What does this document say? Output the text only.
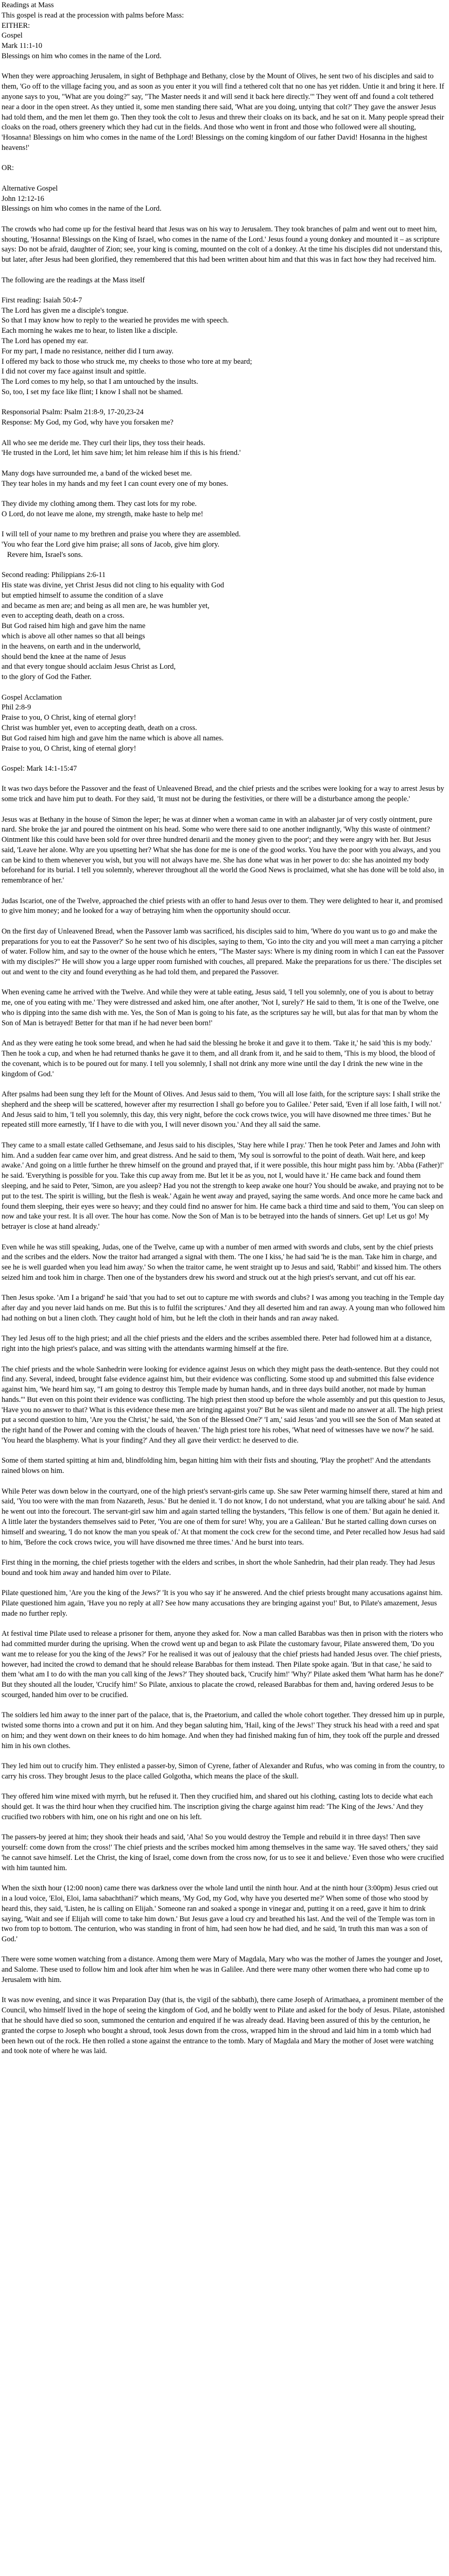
Readings at Mass
This gospel is read at the procession with palms before Mass:
EITHER:
Gospel
Mark 11:1-10
Blessings on him who comes in the name of the Lord.
When they were approaching Jerusalem, in sight of Bethphage and Bethany, close by the Mount of Olives, he sent two of his disciples and said to them, 'Go off to the village facing you, and as soon as you enter it you will find a tethered colt that no one has yet ridden. Untie it and bring it here. If anyone says to you, "What are you doing?" say, "The Master needs it and will send it back here directly."' They went off and found a colt tethered near a door in the open street. As they untied it, some men standing there said, 'What are you doing, untying that colt?' They gave the answer Jesus had told them, and the men let them go. Then they took the colt to Jesus and threw their cloaks on its back, and he sat on it. Many people spread their cloaks on the road, others greenery which they had cut in the fields. And those who went in front and those who followed were all shouting, 'Hosanna! Blessings on him who comes in the name of the Lord! Blessings on the coming kingdom of our father David! Hosanna in the highest heavens!'
OR:
Alternative Gospel
John 12:12-16
Blessings on him who comes in the name of the Lord.
The crowds who had come up for the festival heard that Jesus was on his way to Jerusalem. They took branches of palm and went out to meet him, shouting, 'Hosanna! Blessings on the King of Israel, who comes in the name of the Lord.' Jesus found a young donkey and mounted it – as scripture says: Do not be afraid, daughter of Zion; see, your king is coming, mounted on the colt of a donkey. At the time his disciples did not understand this, but later, after Jesus had been glorified, they remembered that this had been written about him and that this was in fact how they had received him.
The following are the readings at the Mass itself
First reading: Isaiah 50:4-7
The Lord has given me a disciple's tongue.
So that I may know how to reply to the wearied he provides me with speech.
Each morning he wakes me to hear, to listen like a disciple.
The Lord has opened my ear.
For my part, I made no resistance, neither did I turn away.
I offered my back to those who struck me, my cheeks to those who tore at my beard;
I did not cover my face against insult and spittle.
The Lord comes to my help, so that I am untouched by the insults.
So, too, I set my face like flint; I know I shall not be shamed.
Responsorial Psalm: Psalm 21:8-9, 17-20,23-24
Response: My God, my God, why have you forsaken me?
All who see me deride me. They curl their lips, they toss their heads.
'He trusted in the Lord, let him save him; let him release him if this is his friend.'
Many dogs have surrounded me, a band of the wicked beset me.
They tear holes in my hands and my feet I can count every one of my bones.
They divide my clothing among them. They cast lots for my robe.
O Lord, do not leave me alone, my strength, make haste to help me!
I will tell of your name to my brethren and praise you where they are assembled.
'You who fear the Lord give him praise; all sons of Jacob, give him glory.
Revere him, Israel's sons.
Second reading: Philippians 2:6-11
His state was divine, yet Christ Jesus did not cling to his equality with God
but emptied himself to assume the condition of a slave
and became as men are; and being as all men are, he was humbler yet,
even to accepting death, death on a cross.
But God raised him high and gave him the name
which is above all other names so that all beings
in the heavens, on earth and in the underworld,
should bend the knee at the name of Jesus
and that every tongue should acclaim Jesus Christ as Lord,
to the glory of God the Father.
Gospel Acclamation
Phil 2:8-9
Praise to you, O Christ, king of eternal glory!
Christ was humbler yet, even to accepting death, death on a cross.
But God raised him high and gave him the name which is above all names.
Praise to you, O Christ, king of eternal glory!
Gospel: Mark 14:1-15:47
It was two days before the Passover and the feast of Unleavened Bread, and the chief priests and the scribes were looking for a way to arrest Jesus by some trick and have him put to death. For they said, 'It must not be during the festivities, or there will be a disturbance among the people.'
Jesus was at Bethany in the house of Simon the leper; he was at dinner when a woman came in with an alabaster jar of very costly ointment, pure nard. She broke the jar and poured the ointment on his head. Some who were there said to one another indignantly, 'Why this waste of ointment? Ointment like this could have been sold for over three hundred denarii and the money given to the poor'; and they were angry with her. But Jesus said, 'Leave her alone. Why are you upsetting her? What she has done for me is one of the good works. You have the poor with you always, and you can be kind to them whenever you wish, but you will not always have me. She has done what was in her power to do: she has anointed my body beforehand for its burial. I tell you solemnly, wherever throughout all the world the Good News is proclaimed, what she has done will be told also, in remembrance of her.'
Judas Iscariot, one of the Twelve, approached the chief priests with an offer to hand Jesus over to them. They were delighted to hear it, and promised to give him money; and he looked for a way of betraying him when the opportunity should occur.
On the first day of Unleavened Bread, when the Passover lamb was sacrificed, his disciples said to him, 'Where do you want us to go and make the preparations for you to eat the Passover?' So he sent two of his disciples, saying to them, 'Go into the city and you will meet a man carrying a pitcher of water. Follow him, and say to the owner of the house which he enters, "The Master says: Where is my dining room in which I can eat the Passover with my disciples?" He will show you a large upper room furnished with couches, all prepared. Make the preparations for us there.' The disciples set out and went to the city and found everything as he had told them, and prepared the Passover.
When evening came he arrived with the Twelve. And while they were at table eating, Jesus said, 'I tell you solemnly, one of you is about to betray me, one of you eating with me.' They were distressed and asked him, one after another, 'Not I, surely?' He said to them, 'It is one of the Twelve, one who is dipping into the same dish with me. Yes, the Son of Man is going to his fate, as the scriptures say he will, but alas for that man by whom the Son of Man is betrayed! Better for that man if he had never been born!'
And as they were eating he took some bread, and when he had said the blessing he broke it and gave it to them. 'Take it,' he said 'this is my body.' Then he took a cup, and when he had returned thanks he gave it to them, and all drank from it, and he said to them, 'This is my blood, the blood of the covenant, which is to be poured out for many. I tell you solemnly, I shall not drink any more wine until the day I drink the new wine in the kingdom of God.'
After psalms had been sung they left for the Mount of Olives. And Jesus said to them, 'You will all lose faith, for the scripture says: I shall strike the shepherd and the sheep will be scattered, however after my resurrection I shall go before you to Galilee.' Peter said, 'Even if all lose faith, I will not.' And Jesus said to him, 'I tell you solemnly, this day, this very night, before the cock crows twice, you will have disowned me three times.' But he repeated still more earnestly, 'If I have to die with you, I will never disown you.' And they all said the same.
They came to a small estate called Gethsemane, and Jesus said to his disciples, 'Stay here while I pray.' Then he took Peter and James and John with him. And a sudden fear came over him, and great distress. And he said to them, 'My soul is sorrowful to the point of death. Wait here, and keep awake.' And going on a little further he threw himself on the ground and prayed that, if it were possible, this hour might pass him by. 'Abba (Father)!' he said. 'Everything is possible for you. Take this cup away from me. But let it be as you, not I, would have it.' He came back and found them sleeping, and he said to Peter, 'Simon, are you asleep? Had you not the strength to keep awake one hour? You should be awake, and praying not to be put to the test. The spirit is willing, but the flesh is weak.' Again he went away and prayed, saying the same words. And once more he came back and found them sleeping, their eyes were so heavy; and they could find no answer for him. He came back a third time and said to them, 'You can sleep on now and take your rest. It is all over. The hour has come. Now the Son of Man is to be betrayed into the hands of sinners. Get up! Let us go! My betrayer is close at hand already.'
Even while he was still speaking, Judas, one of the Twelve, came up with a number of men armed with swords and clubs, sent by the chief priests and the scribes and the elders. Now the traitor had arranged a signal with them. 'The one I kiss,' he had said 'he is the man. Take him in charge, and see he is well guarded when you lead him away.' So when the traitor came, he went straight up to Jesus and said, 'Rabbi!' and kissed him. The others seized him and took him in charge. Then one of the bystanders drew his sword and struck out at the high priest's servant, and cut off his ear.
Then Jesus spoke. 'Am I a brigand' he said 'that you had to set out to capture me with swords and clubs? I was among you teaching in the Temple day after day and you never laid hands on me. But this is to fulfil the scriptures.' And they all deserted him and ran away. A young man who followed him had nothing on but a linen cloth. They caught hold of him, but he left the cloth in their hands and ran away naked.
They led Jesus off to the high priest; and all the chief priests and the elders and the scribes assembled there. Peter had followed him at a distance, right into the high priest's palace, and was sitting with the attendants warming himself at the fire.
The chief priests and the whole Sanhedrin were looking for evidence against Jesus on which they might pass the death-sentence. But they could not find any. Several, indeed, brought false evidence against him, but their evidence was conflicting. Some stood up and submitted this false evidence against him, 'We heard him say, "I am going to destroy this Temple made by human hands, and in three days build another, not made by human hands."' But even on this point their evidence was conflicting. The high priest then stood up before the whole assembly and put this question to Jesus, 'Have you no answer to that? What is this evidence these men are bringing against you?' But he was silent and made no answer at all. The high priest put a second question to him, 'Are you the Christ,' he said, 'the Son of the Blessed One?' 'I am,' said Jesus 'and you will see the Son of Man seated at the right hand of the Power and coming with the clouds of heaven.' The high priest tore his robes, 'What need of witnesses have we now?' he said. 'You heard the blasphemy. What is your finding?' And they all gave their verdict: he deserved to die.
Some of them started spitting at him and, blindfolding him, began hitting him with their fists and shouting, 'Play the prophet!' And the attendants rained blows on him.
While Peter was down below in the courtyard, one of the high priest's servant-girls came up. She saw Peter warming himself there, stared at him and said, 'You too were with the man from Nazareth, Jesus.' But he denied it. 'I do not know, I do not understand, what you are talking about' he said. And he went out into the forecourt. The servant-girl saw him and again started telling the bystanders, 'This fellow is one of them.' But again he denied it. A little later the bystanders themselves said to Peter, 'You are one of them for sure! Why, you are a Galilean.' But he started calling down curses on himself and swearing, 'I do not know the man you speak of.' At that moment the cock crew for the second time, and Peter recalled how Jesus had said to him, 'Before the cock crows twice, you will have disowned me three times.' And he burst into tears.
First thing in the morning, the chief priests together with the elders and scribes, in short the whole Sanhedrin, had their plan ready. They had Jesus bound and took him away and handed him over to Pilate.
Pilate questioned him, 'Are you the king of the Jews?' 'It is you who say it' he answered. And the chief priests brought many accusations against him. Pilate questioned him again, 'Have you no reply at all? See how many accusations they are bringing against you!' But, to Pilate's amazement, Jesus made no further reply.
At festival time Pilate used to release a prisoner for them, anyone they asked for. Now a man called Barabbas was then in prison with the rioters who had committed murder during the uprising. When the crowd went up and began to ask Pilate the customary favour, Pilate answered them, 'Do you want me to release for you the king of the Jews?' For he realised it was out of jealousy that the chief priests had handed Jesus over. The chief priests, however, had incited the crowd to demand that he should release Barabbas for them instead. Then Pilate spoke again. 'But in that case,' he said to them 'what am I to do with the man you call king of the Jews?' They shouted back, 'Crucify him!' 'Why?' Pilate asked them 'What harm has he done?' But they shouted all the louder, 'Crucify him!' So Pilate, anxious to placate the crowd, released Barabbas for them and, having ordered Jesus to be scourged, handed him over to be crucified.
The soldiers led him away to the inner part of the palace, that is, the Praetorium, and called the whole cohort together. They dressed him up in purple, twisted some thorns into a crown and put it on him. And they began saluting him, 'Hail, king of the Jews!' They struck his head with a reed and spat on him; and they went down on their knees to do him homage. And when they had finished making fun of him, they took off the purple and dressed him in his own clothes.
They led him out to crucify him. They enlisted a passer-by, Simon of Cyrene, father of Alexander and Rufus, who was coming in from the country, to carry his cross. They brought Jesus to the place called Golgotha, which means the place of the skull.
They offered him wine mixed with myrrh, but he refused it. Then they crucified him, and shared out his clothing, casting lots to decide what each should get. It was the third hour when they crucified him. The inscription giving the charge against him read: 'The King of the Jews.' And they crucified two robbers with him, one on his right and one on his left.
The passers-by jeered at him; they shook their heads and said, 'Aha! So you would destroy the Temple and rebuild it in three days! Then save yourself: come down from the cross!' The chief priests and the scribes mocked him among themselves in the same way. 'He saved others,' they said 'he cannot save himself. Let the Christ, the king of Israel, come down from the cross now, for us to see it and believe.' Even those who were crucified with him taunted him.
When the sixth hour (12:00 noon) came there was darkness over the whole land until the ninth hour. And at the ninth hour (3:00pm) Jesus cried out in a loud voice, 'Eloi, Eloi, lama sabachthani?' which means, 'My God, my God, why have you deserted me?' When some of those who stood by heard this, they said, 'Listen, he is calling on Elijah.' Someone ran and soaked a sponge in vinegar and, putting it on a reed, gave it him to drink saying, 'Wait and see if Elijah will come to take him down.' But Jesus gave a loud cry and breathed his last. And the veil of the Temple was torn in two from top to bottom. The centurion, who was standing in front of him, had seen how he had died, and he said, 'In truth this man was a son of God.'
There were some women watching from a distance. Among them were Mary of Magdala, Mary who was the mother of James the younger and Joset, and Salome. These used to follow him and look after him when he was in Galilee. And there were many other women there who had come up to Jerusalem with him.
It was now evening, and since it was Preparation Day (that is, the vigil of the sabbath), there came Joseph of Arimathaea, a prominent member of the Council, who himself lived in the hope of seeing the kingdom of God, and he boldly went to Pilate and asked for the body of Jesus. Pilate, astonished that he should have died so soon, summoned the centurion and enquired if he was already dead. Having been assured of this by the centurion, he granted the corpse to Joseph who bought a shroud, took Jesus down from the cross, wrapped him in the shroud and laid him in a tomb which had been hewn out of the rock. He then rolled a stone against the entrance to the tomb. Mary of Magdala and Mary the mother of Joset were watching and took note of where he was laid.
